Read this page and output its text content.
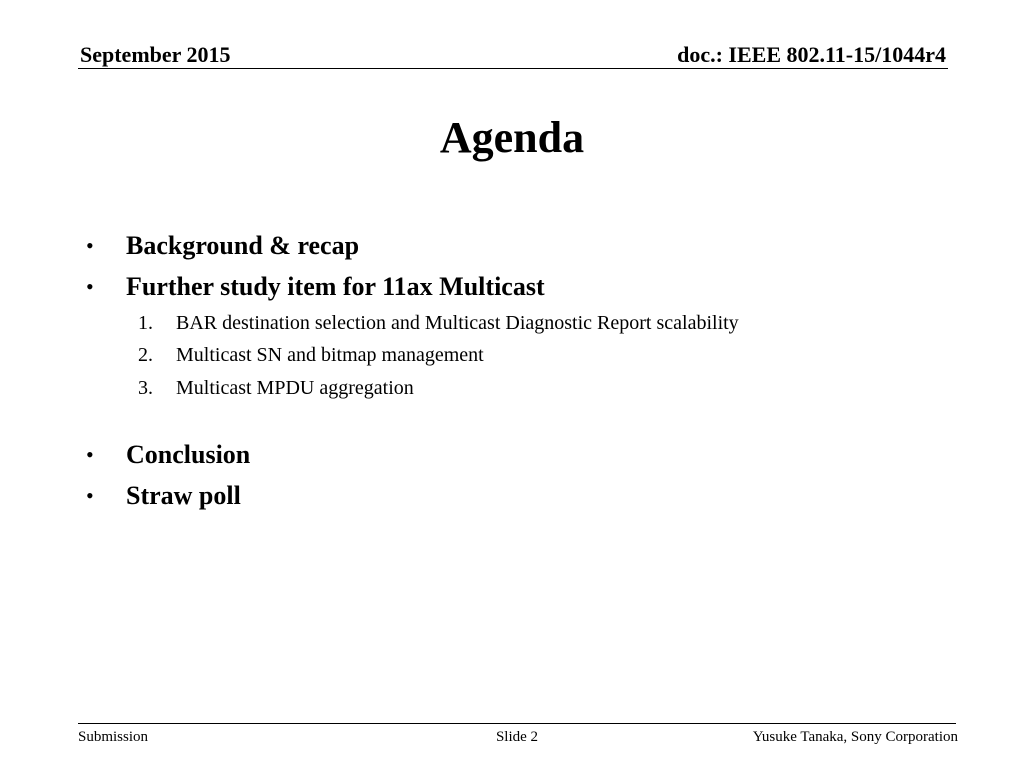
September 2015	doc.: IEEE 802.11-15/1044r4
Agenda
• Background & recap
• Further study item for 11ax Multicast
1. BAR destination selection and Multicast Diagnostic Report scalability
2. Multicast SN and bitmap management
3. Multicast MPDU aggregation
• Conclusion
• Straw poll
Submission	Slide 2	Yusuke Tanaka, Sony Corporation
